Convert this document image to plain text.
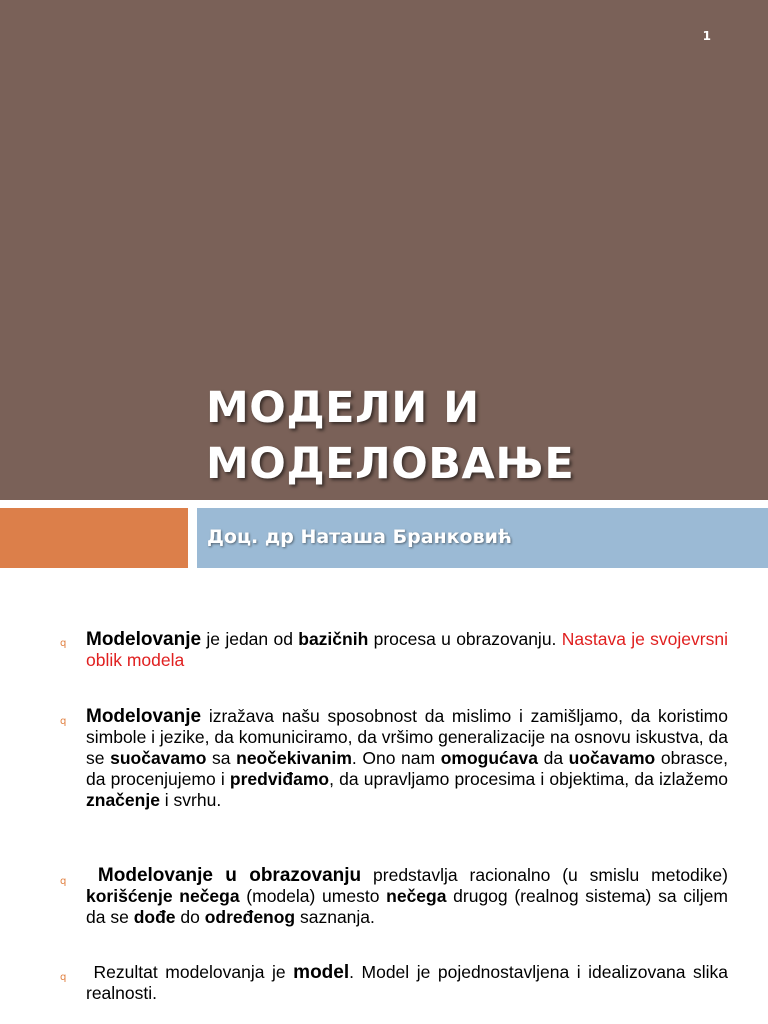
1
МОДЕЛИ И
МОДЕЛОВАЊЕ

Доц. др Наташа Бранковић

q Modelovanje je jedan od bazičnih procesa u obrazovanju. Nastava je svojevrsni oblik modela

q Modelovanje izražava našu sposobnost da mislimo i zamišljamo, da koristimo simbole i jezike, da komuniciramo, da vršimo generalizacije na osnovu iskustva, da se suočavamo sa neočekivanim. Ono nam omogućava da uočavamo obrasce, da procenjujemo i predviđamo, da upravljamo procesima i objektima, da izlažemo značenje i svrhu.

q	Modelovanje u obrazovanju predstavlja racionalno (u smislu metodike) korišćenje nečega (modela) umesto nečega drugog (realnog sistema) sa ciljem da se dođe do određenog saznanja.

q	Rezultat modelovanja je model. Model je pojednostavljena i idealizovana slika realnosti.
